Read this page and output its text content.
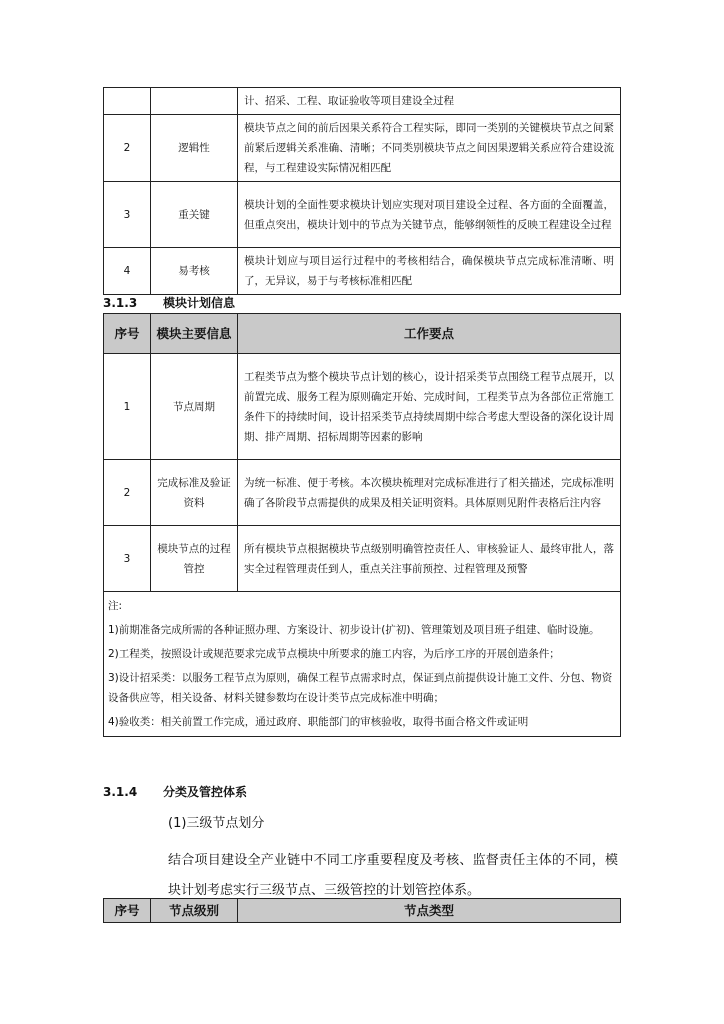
		计、招采、工程、取证验收等项目建设全过程
2	逻辑性	模块节点之间的前后因果关系符合工程实际，即同一类别的关键模块节点之间紧前紧后逻辑关系准确、清晰；不同类别模块节点之间因果逻辑关系应符合建设流程，与工程建设实际情况相匹配
3	重关键	模块计划的全面性要求模块计划应实现对项目建设全过程、各方面的全面覆盖，但重点突出，模块计划中的节点为关键节点，能够纲领性的反映工程建设全过程
4	易考核	模块计划应与项目运行过程中的考核相结合，确保模块节点完成标准清晰、明了，无异议，易于与考核标准相匹配
3.1.3 模块计划信息
序号	模块主要信息	工作要点
1	节点周期	工程类节点为整个模块节点计划的核心，设计招采类节点围绕工程节点展开，以前置完成、服务工程为原则确定开始、完成时间，工程类节点为各部位正常施工条件下的持续时间，设计招采类节点持续周期中综合考虑大型设备的深化设计周期、排产周期、招标周期等因素的影响
2	完成标准及验证资料	为统一标准、便于考核。本次模块梳理对完成标准进行了相关描述，完成标准明确了各阶段节点需提供的成果及相关证明资料。具体原则见附件表格后注内容
3	模块节点的过程管控	所有模块节点根据模块节点级别明确管控责任人、审核验证人、最终审批人，落实全过程管理责任到人，重点关注事前预控、过程管理及预警

注:

1)前期准备完成所需的各种证照办理、方案设计、初步设计(扩初)、管理策划及项目班子组建、临时设施。

2)工程类，按照设计或规范要求完成节点模块中所要求的施工内容，为后序工序的开展创造条件；

3)设计招采类：以服务工程节点为原则，确保工程节点需求时点，保证到点前提供设计施工文件、分包、物资设备供应等，相关设备、材料关键参数均在设计类节点完成标准中明确；

4)验收类：相关前置工作完成，通过政府、职能部门的审核验收，取得书面合格文件或证明		

3.1.4 分类及管控体系
(1)三级节点划分
结合项目建设全产业链中不同工序重要程度及考核、监督责任主体的不同，模块计划考虑实行三级节点、三级管控的计划管控体系。
序号	节点级别	节点类型
